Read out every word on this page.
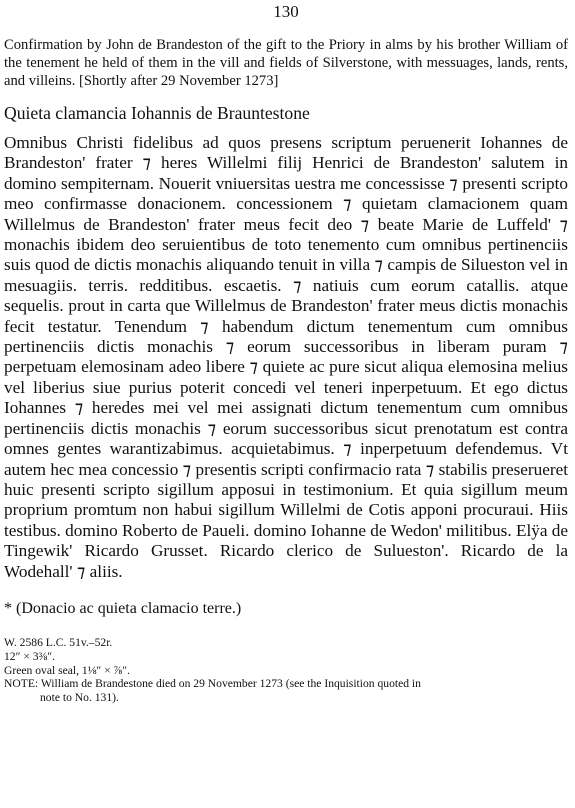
130
Confirmation by John de Brandeston of the gift to the Priory in alms by his brother William of the tenement he held of them in the vill and fields of Silverstone, with messuages, lands, rents, and villeins. [Shortly after 29 November 1273]
Quieta clamancia Iohannis de Brauntestone
Omnibus Christi fidelibus ad quos presens scriptum peruenerit Iohannes de Brandeston' frater ⁊ heres Willelmi filij Henrici de Brandeston' salutem in domino sempiternam. Nouerit vniuersitas uestra me concessisse ⁊ presenti scripto meo confirmasse donacionem. concessionem ⁊ quietam clamacionem quam Willelmus de Brandeston' frater meus fecit deo ⁊ beate Marie de Luffeld' ⁊ monachis ibidem deo seruientibus de toto tenemento cum omnibus pertinenciis suis quod de dictis monachis aliquando tenuit in villa ⁊ campis de Silueston vel in mesuagiis. terris. redditibus. escaetis. ⁊ natiuis cum eorum catallis. atque sequelis. prout in carta que Willelmus de Brandeston' frater meus dictis monachis fecit testatur. Tenendum ⁊ habendum dictum tenementum cum omnibus pertinenciis dictis monachis ⁊ eorum successoribus in liberam puram ⁊ perpetuam elemosinam adeo libere ⁊ quiete ac pure sicut aliqua elemosina melius vel liberius siue purius poterit concedi vel teneri inperpetuum. Et ego dictus Iohannes ⁊ heredes mei vel mei assignati dictum tenementum cum omnibus pertinenciis dictis monachis ⁊ eorum successoribus sicut prenotatum est contra omnes gentes warantizabimus. acquietabimus. ⁊ inperpetuum defendemus. Vt autem hec mea concessio ⁊ presentis scripti confirmacio rata ⁊ stabilis preserueret huic presenti scripto sigillum apposui in testimonium. Et quia sigillum meum proprium promtum non habui sigillum Willelmi de Cotis apponi procuraui. Hiis testibus. domino Roberto de Paueli. domino Iohanne de Wedon' militibus. Elÿa de Tingewik' Ricardo Grusset. Ricardo clerico de Sulueston'. Ricardo de la Wodehall' ⁊ aliis.
* (Donacio ac quieta clamacio terre.)
W. 2586 L.C. 51v.–52r.
12″ × 3⅜″.
Green oval seal, 1⅛″ × ⅞″.
NOTE: William de Brandestone died on 29 November 1273 (see the Inquisition quoted in
note to No. 131).
